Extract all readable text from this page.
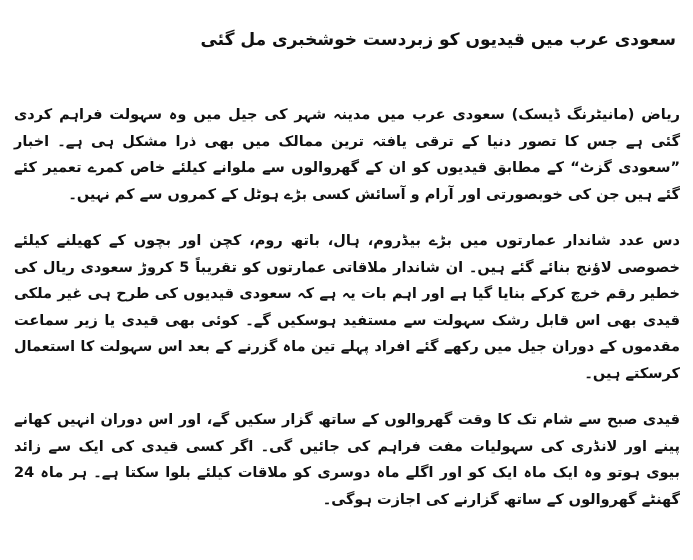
سعودی عرب میں قیدیوں کو زبردست خوشخبری مل گئی

ریاض (مانیٹرنگ ڈیسک) سعودی عرب میں مدینہ شہر کی جیل میں وہ سہولت فراہم کردی گئی ہے جس کا تصور دنیا کے ترقی یافتہ ترین ممالک میں بھی ذرا مشکل ہی ہے۔ اخبار ”سعودی گزٹ“ کے مطابق قیدیوں کو ان کے گھروالوں سے ملوانے کیلئے خاص کمرے تعمیر کئے گئے ہیں جن کی خوبصورتی اور آرام و آسائش کسی بڑے ہوٹل کے کمروں سے کم نہیں۔

دس عدد شاندار عمارتوں میں بڑے بیڈروم، ہال، باتھ روم، کچن اور بچوں کے کھیلنے کیلئے خصوصی لاؤنج بنائے گئے ہیں۔ ان شاندار ملاقاتی عمارتوں کو تقریباً 5 کروڑ سعودی ریال کی خطیر رقم خرچ کرکے بنایا گیا ہے اور اہم بات یہ ہے کہ سعودی قیدیوں کی طرح ہی غیر ملکی قیدی بھی اس قابل رشک سہولت سے مستفید ہوسکیں گے۔ کوئی بھی قیدی یا زیر سماعت مقدموں کے دوران جیل میں رکھے گئے افراد پہلے تین ماہ گزرنے کے بعد اس سہولت کا استعمال کرسکتے ہیں۔

قیدی صبح سے شام تک کا وقت گھروالوں کے ساتھ گزار سکیں گے، اور اس دوران انہیں کھانے پینے اور لانڈری کی سہولیات مفت فراہم کی جائیں گی۔ اگر کسی قیدی کی ایک سے زائد بیوی ہوتو وہ ایک ماہ ایک کو اور اگلے ماہ دوسری کو ملاقات کیلئے بلوا سکتا ہے۔ ہر ماہ 24 گھنٹے گھروالوں کے ساتھ گزارنے کی اجازت ہوگی۔
